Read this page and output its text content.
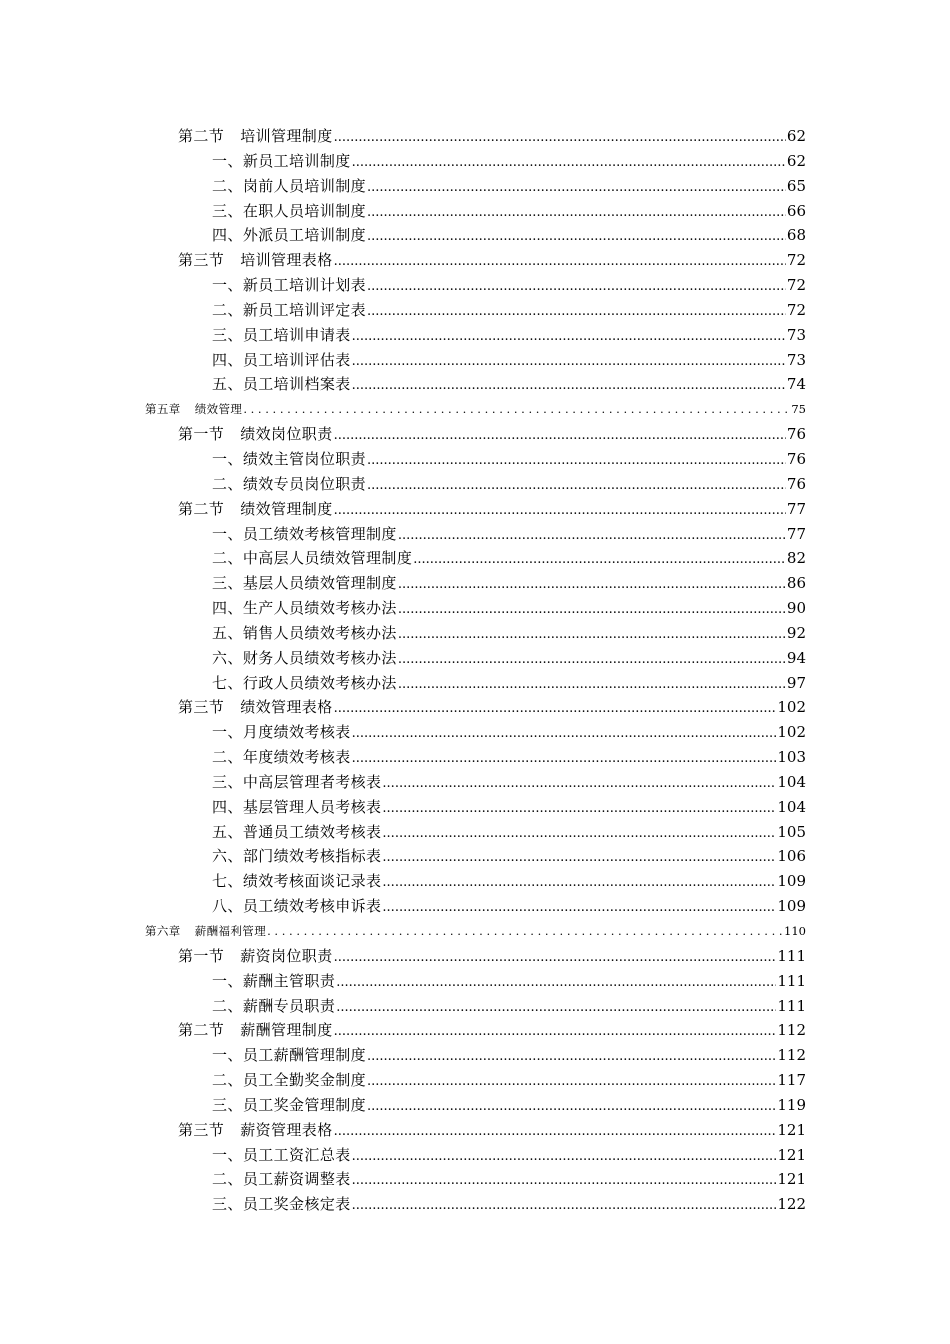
第二节 培训管理制度 .....	62
一、新员工培训制度 .....	62
二、岗前人员培训制度 .....	65
三、在职人员培训制度 .....	66
四、外派员工培训制度 .....	68
第三节 培训管理表格 .....	72
一、新员工培训计划表 .....	72
二、新员工培训评定表 .....	72
三、员工培训申请表 .....	73
四、员工培训评估表 .....	73
五、员工培训档案表 .....	74
第五章 绩效管理 . . .	75
第一节 绩效岗位职责 .....	76
一、绩效主管岗位职责 .....	76
二、绩效专员岗位职责 .....	76
第二节 绩效管理制度 .....	77
一、员工绩效考核管理制度 .....	77
二、中高层人员绩效管理制度 .....	82
三、基层人员绩效管理制度 .....	86
四、生产人员绩效考核办法 .....	90
五、销售人员绩效考核办法 .....	92
六、财务人员绩效考核办法 .....	94
七、行政人员绩效考核办法 .....	97
第三节 绩效管理表格 .....	102
一、月度绩效考核表 .....	102
二、年度绩效考核表 .....	103
三、中高层管理者考核表 .....	104
四、基层管理人员考核表 .....	104
五、普通员工绩效考核表 .....	105
六、部门绩效考核指标表 .....	106
七、绩效考核面谈记录表 .....	109
八、员工绩效考核申诉表 .....	109
第六章 薪酬福利管理 . . .	110
第一节 薪资岗位职责 .....	111
一、薪酬主管职责 .....	111
二、薪酬专员职责 .....	111
第二节 薪酬管理制度 .....	112
一、员工薪酬管理制度 .....	112
二、员工全勤奖金制度 .....	117
三、员工奖金管理制度 .....	119
第三节 薪资管理表格 .....	121
一、员工工资汇总表 .....	121
二、员工薪资调整表 .....	121
三、员工奖金核定表 .....	122
